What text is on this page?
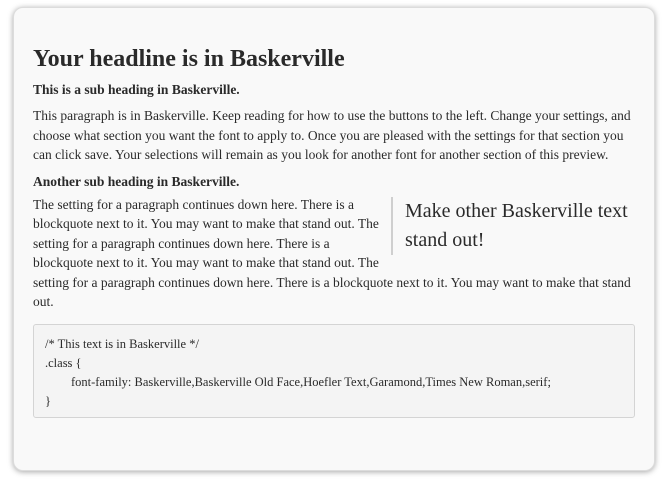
Your headline is in Baskerville
This is a sub heading in Baskerville.

This paragraph is in Baskerville. Keep reading for how to use the buttons to the left. Change your settings, and choose what section you want the font to apply to. Once you are pleased with the settings for that section you can click save. Your selections will remain as you look for another font for another section of this preview.

Another sub heading in Baskerville.
Make other Baskerville text stand out!

The setting for a paragraph continues down here. There is a blockquote next to it. You may want to make that stand out. The setting for a paragraph continues down here. There is a blockquote next to it. You may want to make that stand out. The setting for a paragraph continues down here. There is a blockquote next to it. You may want to make that stand out.

/* This text is in Baskerville */
.class {
font-family: Baskerville,Baskerville Old Face,Hoefler Text,Garamond,Times New Roman,serif;
}
